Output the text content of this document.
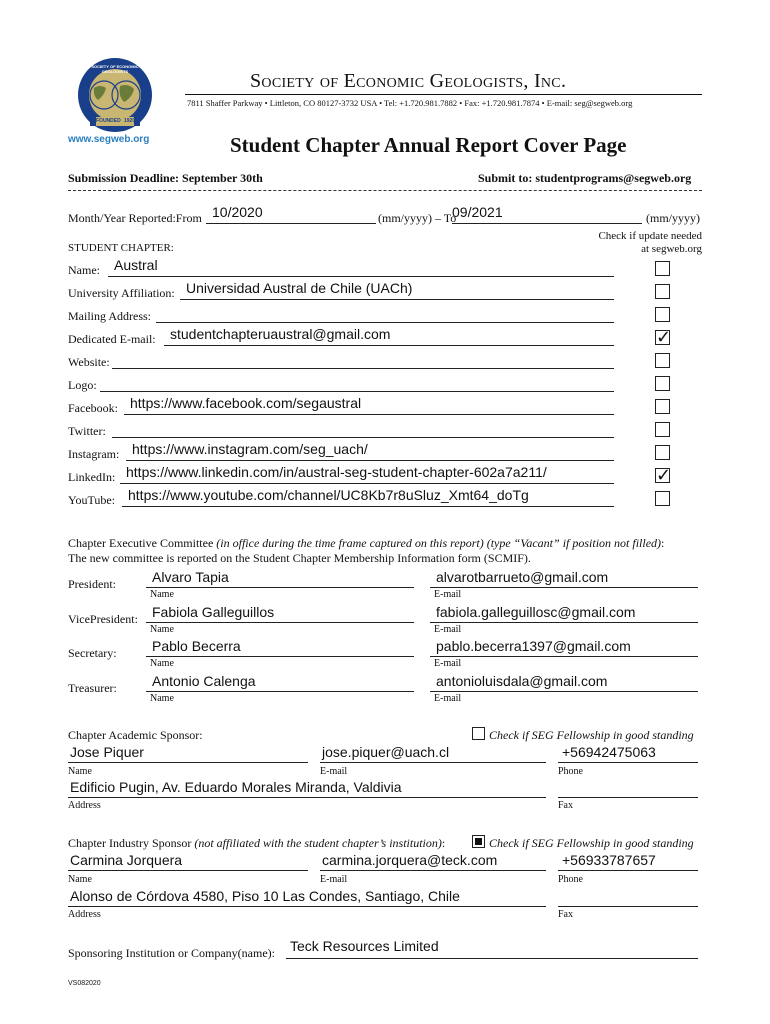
SOCIETY OF ECONOMIC GEOLOGISTS
FOUNDED 1920
www.segweb.org
Society of Economic Geologists, Inc.
7811 Shaffer Parkway • Littleton, CO 80127-3732 USA • Tel: +1.720.981.7882 • Fax: +1.720.981.7874 • E-mail: seg@segweb.org
Student Chapter Annual Report Cover Page
Submission Deadline: September 30th	Submit to: studentprograms@segweb.org
Month/Year Reported:From 10/2020	(mm/yyyy) – To
09/2021	(mm/yyyy)
Check if update needed at segweb.org
STUDENT CHAPTER:
Name: Austral
University Affiliation: Universidad Austral de Chile (UACh)
Mailing Address:
Dedicated E-mail: studentchapteruaustral@gmail.com	✓
Website:
Logo:
Facebook: https://www.facebook.com/segaustral
Twitter:
Instagram: https://www.instagram.com/seg_uach/
LinkedIn: https://www.linkedin.com/in/austral-seg-student-chapter-602a7a211/	✓
YouTube: https://www.youtube.com/channel/UC8Kb7r8uSluz_Xmt64_doTg
Chapter Executive Committee (in office during the time frame captured on this report) (type “Vacant” if position not filled):
The new committee is reported on the Student Chapter Membership Information form (SCMIF).
President:	Alvaro Tapia
Name
alvarotbarrueto@gmail.com
E-mail
VicePresident: Fabiola Galleguillos
Name
fabiola.galleguillosc@gmail.com
E-mail
Secretary:	Pablo Becerra
Name
pablo.becerra1397@gmail.com
E-mail
Treasurer:	Antonio Calenga
Name
antonioluisdala@gmail.com
E-mail
Chapter Academic Sponsor:	Check if SEG Fellowship in good standing
Jose Piquer
Name
jose.piquer@uach.cl
E-mail
+56942475063
Phone
Edificio Pugin, Av. Eduardo Morales Miranda, Valdivia
Address	Fax
Chapter Industry Sponsor (not affiliated with the student chapter’s institution):	Check if SEG Fellowship in good standing
Carmina Jorquera
Name
carmina.jorquera@teck.com
E-mail
+56933787657
Phone
Alonso de Córdova 4580, Piso 10 Las Condes, Santiago, Chile
Address	Fax
Sponsoring Institution or Company(name): Teck Resources Limited
VS082020
